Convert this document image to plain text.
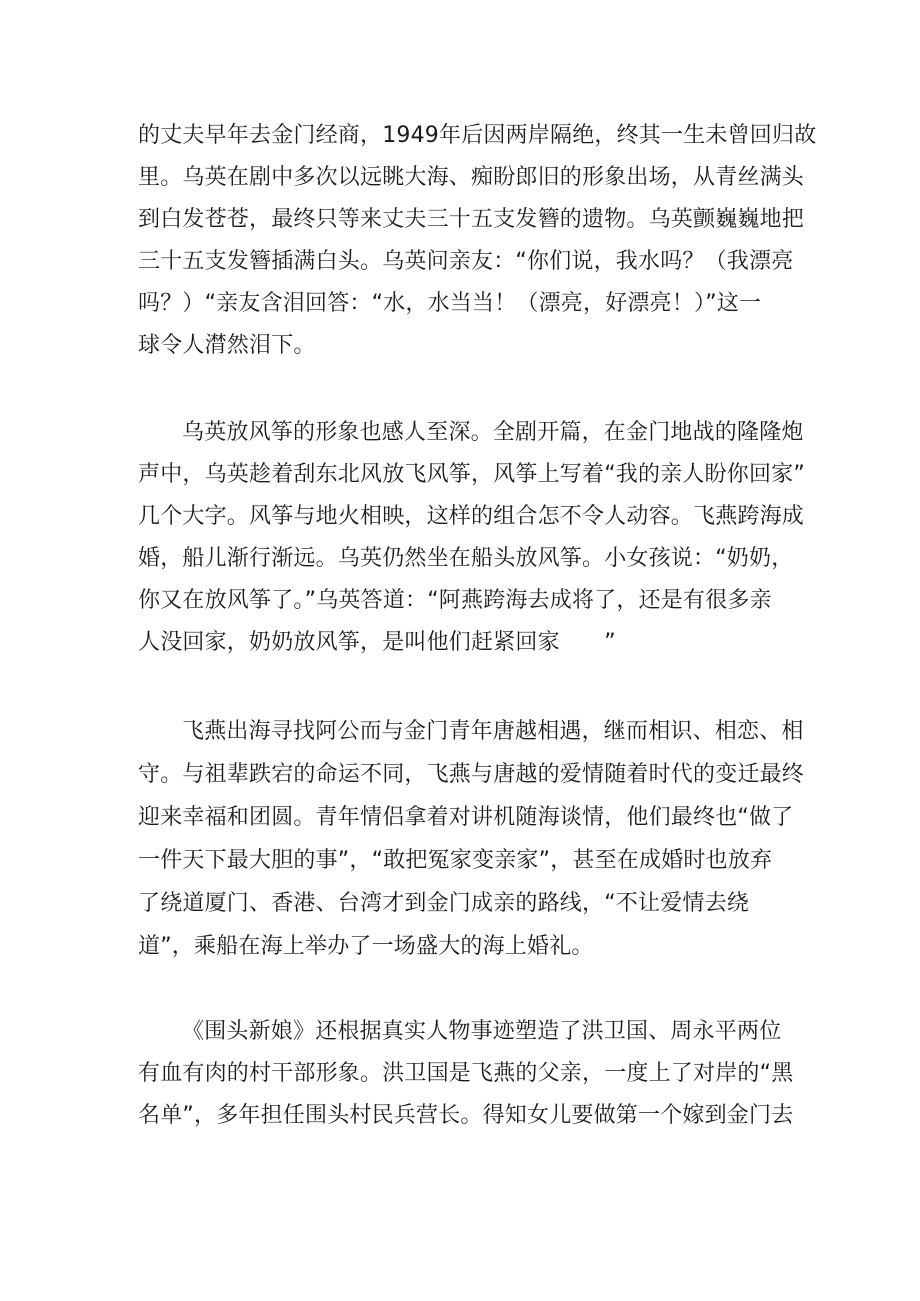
的丈夫早年去金门经商，1949年后因两岸隔绝，终其一生未曾回归故
里。乌英在剧中多次以远眺大海、痴盼郎旧的形象出场，从青丝满头
到白发苍苍，最终只等来丈夫三十五支发簪的遗物。乌英颤巍巍地把
三十五支发簪插满白头。乌英问亲友：“你们说，我水吗？（我漂亮
吗？）“亲友含泪回答：“水，水当当！（漂亮，好漂亮！）”这一
球令人潸然泪下。
乌英放风筝的形象也感人至深。全剧开篇，在金门地战的隆隆炮
声中，乌英趁着刮东北风放飞风筝，风筝上写着“我的亲人盼你回家”
几个大字。风筝与地火相映，这样的组合怎不令人动容。飞燕跨海成
婚，船儿渐行渐远。乌英仍然坐在船头放风筝。小女孩说：“奶奶，
你又在放风筝了。”乌英答道：“阿燕跨海去成将了，还是有很多亲
人没回家，奶奶放风筝，是叫他们赶紧回家　　”
飞燕出海寻找阿公而与金门青年唐越相遇，继而相识、相恋、相
守。与祖辈跌宕的命运不同，飞燕与唐越的爱情随着时代的变迁最终
迎来幸福和团圆。青年情侣拿着对讲机随海谈情，他们最终也“做了
一件天下最大胆的事”，“敢把冤家变亲家”，甚至在成婚时也放弃
了绕道厦门、香港、台湾才到金门成亲的路线，“不让爱情去绕
道”，乘船在海上举办了一场盛大的海上婚礼。
《围头新娘》还根据真实人物事迹塑造了洪卫国、周永平两位
有血有肉的村干部形象。洪卫国是飞燕的父亲，一度上了对岸的“黑
名单”，多年担任围头村民兵营长。得知女儿要做第一个嫁到金门去
